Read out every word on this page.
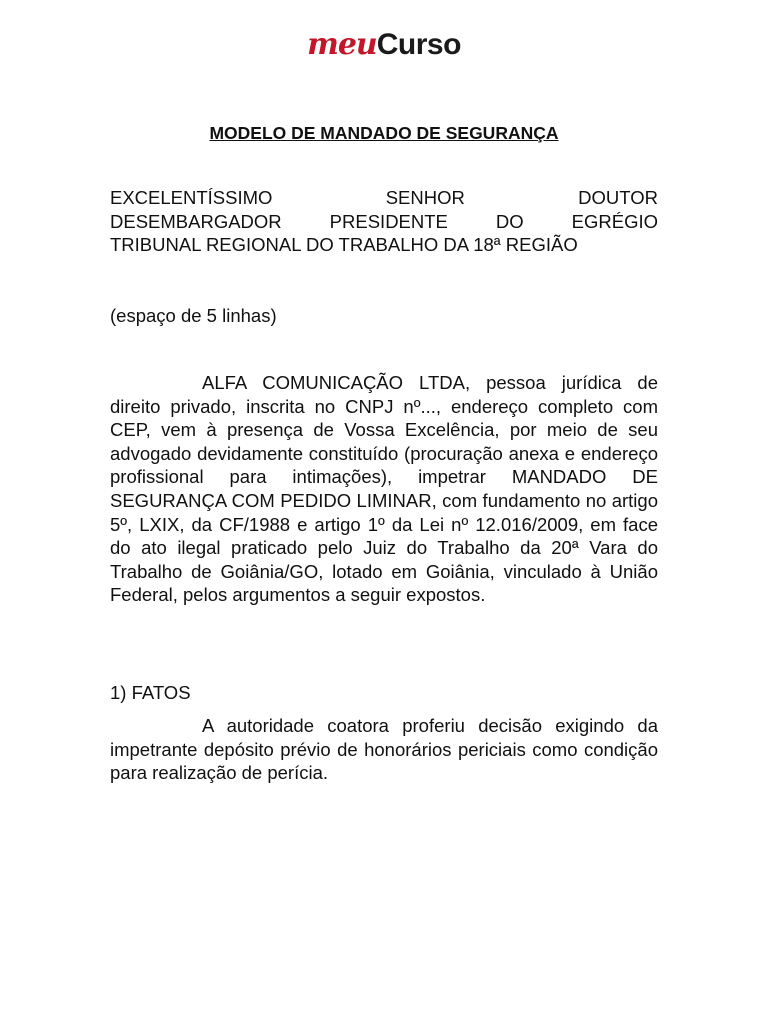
meuCurso
MODELO DE MANDADO DE SEGURANÇA
EXCELENTÍSSIMO SENHOR DOUTOR
DESEMBARGADOR PRESIDENTE DO EGRÉGIO
TRIBUNAL REGIONAL DO TRABALHO DA 18ª REGIÃO

(espaço de 5 linhas)

ALFA COMUNICAÇÃO LTDA, pessoa jurídica de direito privado, inscrita no CNPJ nº..., endereço completo com CEP, vem à presença de Vossa Excelência, por meio de seu advogado devidamente constituído (procuração anexa e endereço profissional para intimações), impetrar MANDADO DE SEGURANÇA COM PEDIDO LIMINAR, com fundamento no artigo 5º, LXIX, da CF/1988 e artigo 1º da Lei nº 12.016/2009, em face do ato ilegal praticado pelo Juiz do Trabalho da 20ª Vara do Trabalho de Goiânia/GO, lotado em Goiânia, vinculado à União Federal, pelos argumentos a seguir expostos.

1) FATOS

A autoridade coatora proferiu decisão exigindo da impetrante depósito prévio de honorários periciais como condição para realização de perícia.
